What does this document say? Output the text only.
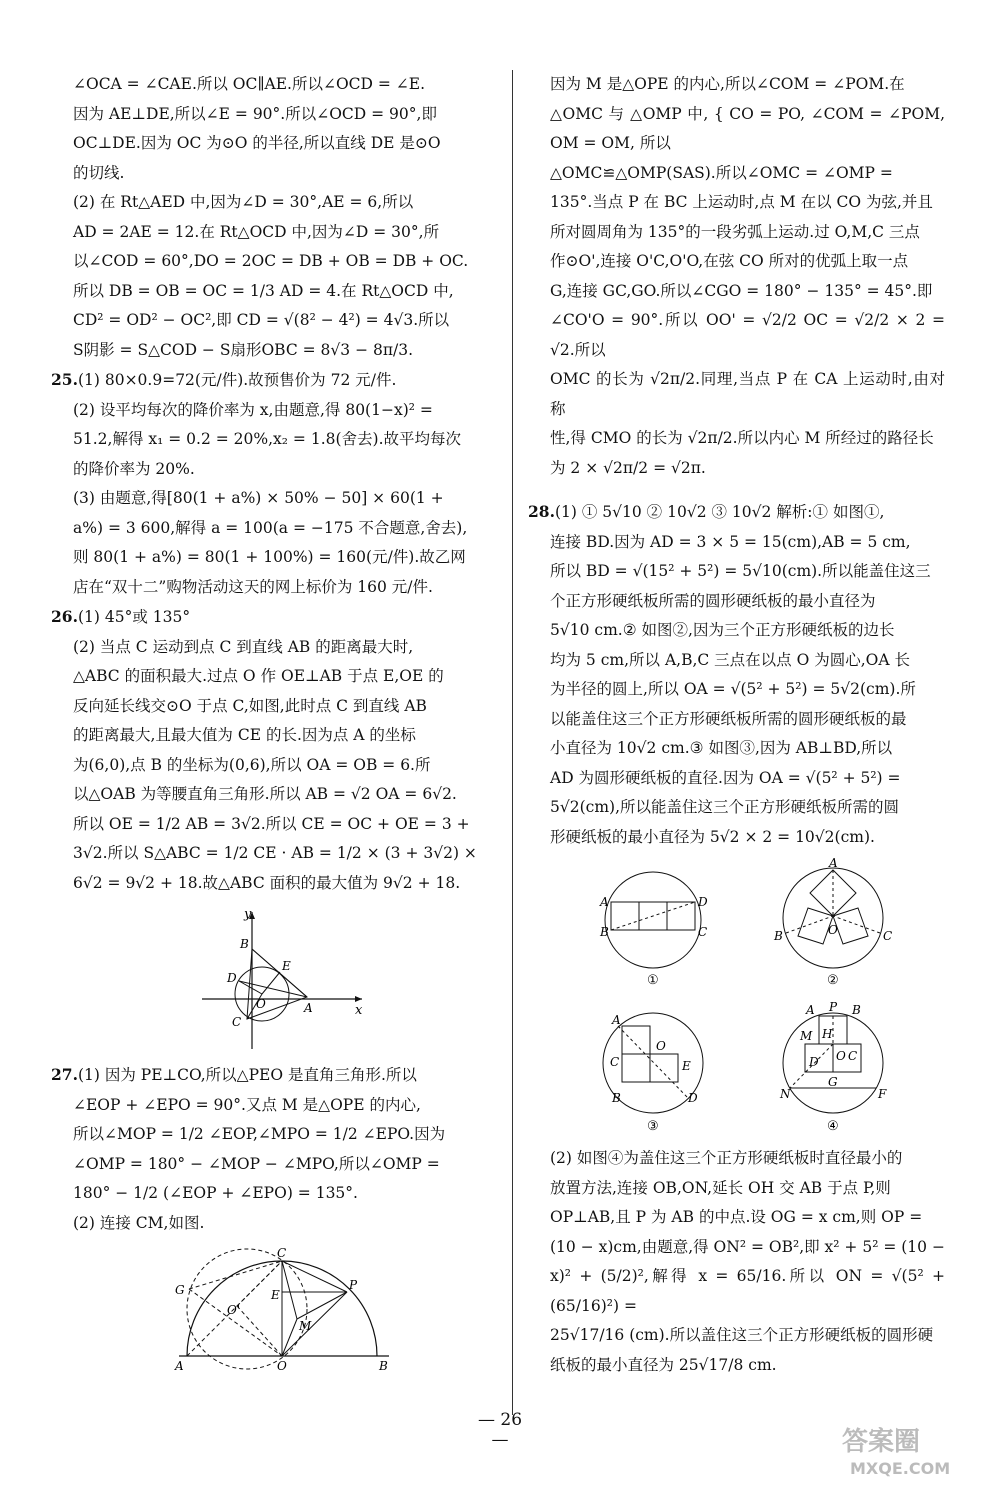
∠OCA = ∠CAE.所以 OC∥AE.所以∠OCD = ∠E.

因为 AE⊥DE,所以∠E = 90°.所以∠OCD = 90°,即

OC⊥DE.因为 OC 为⊙O 的半径,所以直线 DE 是⊙O

的切线.

(2) 在 Rt△AED 中,因为∠D = 30°,AE = 6,所以

AD = 2AE = 12.在 Rt△OCD 中,因为∠D = 30°,所

以∠COD = 60°,DO = 2OC = DB + OB = DB + OC.

所以 DB = OB = OC = 1/3 AD = 4.在 Rt△OCD 中,

CD² = OD² − OC²,即 CD = √(8² − 4²) = 4√3.所以

S阴影 = S△COD − S扇形OBC = 8√3 − 8π/3.

25.(1) 80×0.9=72(元/件).故预售价为 72 元/件.

(2) 设平均每次的降价率为 x,由题意,得 80(1−x)² =

51.2,解得 x₁ = 0.2 = 20%,x₂ = 1.8(舍去).故平均每次

的降价率为 20%.

(3) 由题意,得[80(1 + a%) × 50% − 50] × 60(1 +

a%) = 3 600,解得 a = 100(a = −175 不合题意,舍去),

则 80(1 + a%) = 80(1 + 100%) = 160(元/件).故乙网

店在“双十二”购物活动这天的网上标价为 160 元/件.

26.(1) 45°或 135°

(2) 当点 C 运动到点 C 到直线 AB 的距离最大时,

△ABC 的面积最大.过点 O 作 OE⊥AB 于点 E,OE 的

反向延长线交⊙O 于点 C,如图,此时点 C 到直线 AB

的距离最大,且最大值为 CE 的长.因为点 A 的坐标

为(6,0),点 B 的坐标为(0,6),所以 OA = OB = 6.所

以△OAB 为等腰直角三角形.所以 AB = √2 OA = 6√2.

所以 OE = 1/2 AB = 3√2.所以 CE = OC + OE = 3 +

3√2.所以 S△ABC = 1/2 CE · AB = 1/2 × (3 + 3√2) ×

6√2 = 9√2 + 18.故△ABC 面积的最大值为 9√2 + 18.

y
x
B
E
D
O	A
C

27.(1) 因为 PE⊥CO,所以△PEO 是直角三角形.所以

∠EOP + ∠EPO = 90°.又点 M 是△OPE 的内心,

所以∠MOP = 1/2 ∠EOP,∠MPO = 1/2 ∠EPO.因为

∠OMP = 180° − ∠MOP − ∠MPO,所以∠OMP =

180° − 1/2 (∠EOP + ∠EPO) = 135°.

(2) 连接 CM,如图.

C
G
O'
E
P
M
A	O	B

因为 M 是△OPE 的内心,所以∠COM = ∠POM.在

△OMC 与 △OMP 中, { CO = PO, ∠COM = ∠POM, OM = OM, 所以

△OMC≌△OMP(SAS).所以∠OMC = ∠OMP =

135°.当点 P 在 BC 上运动时,点 M 在以 CO 为弦,并且

所对圆周角为 135°的一段劣弧上运动.过 O,M,C 三点

作⊙O',连接 O'C,O'O,在弦 CO 所对的优弧上取一点

G,连接 GC,GO.所以∠CGO = 180° − 135° = 45°.即

∠CO'O = 90°.所以 OO' = √2/2 OC = √2/2 × 2 = √2.所以

OMC 的长为 √2π/2.同理,当点 P 在 CA 上运动时,由对称

性,得 CMO 的长为 √2π/2.所以内心 M 所经过的路径长

为 2 × √2π/2 = √2π.

28.(1) ① 5√10 ② 10√2 ③ 10√2 解析:① 如图①,

连接 BD.因为 AD = 3 × 5 = 15(cm),AB = 5 cm,

所以 BD = √(15² + 5²) = 5√10(cm).所以能盖住这三

个正方形硬纸板所需的圆形硬纸板的最小直径为

5√10 cm.② 如图②,因为三个正方形硬纸板的边长

均为 5 cm,所以 A,B,C 三点在以点 O 为圆心,OA 长

为半径的圆上,所以 OA = √(5² + 5²) = 5√2(cm).所

以能盖住这三个正方形硬纸板所需的圆形硬纸板的最

小直径为 10√2 cm.③ 如图③,因为 AB⊥BD,所以

AD 为圆形硬纸板的直径.因为 OA = √(5² + 5²) =

5√2(cm),所以能盖住这三个正方形硬纸板所需的圆

形硬纸板的最小直径为 5√2 × 2 = 10√2(cm).

A	D
B	C
①
A
B	O	C
②
A
O
C	E
B	D
③
A P B
M H
D O C
N
G
F
④

(2) 如图④为盖住这三个正方形硬纸板时直径最小的

放置方法,连接 OB,ON,延长 OH 交 AB 于点 P,则

OP⊥AB,且 P 为 AB 的中点.设 OG = x cm,则 OP =

(10 − x)cm,由题意,得 ON² = OB²,即 x² + 5² = (10 −

x)² + (5/2)²,解得 x = 65/16.所以 ON = √(5² + (65/16)²) =

25√17/16 (cm).所以盖住这三个正方形硬纸板的圆形硬

纸板的最小直径为 25√17/8 cm.

— 26 —	答案圈
MXQE.COM
